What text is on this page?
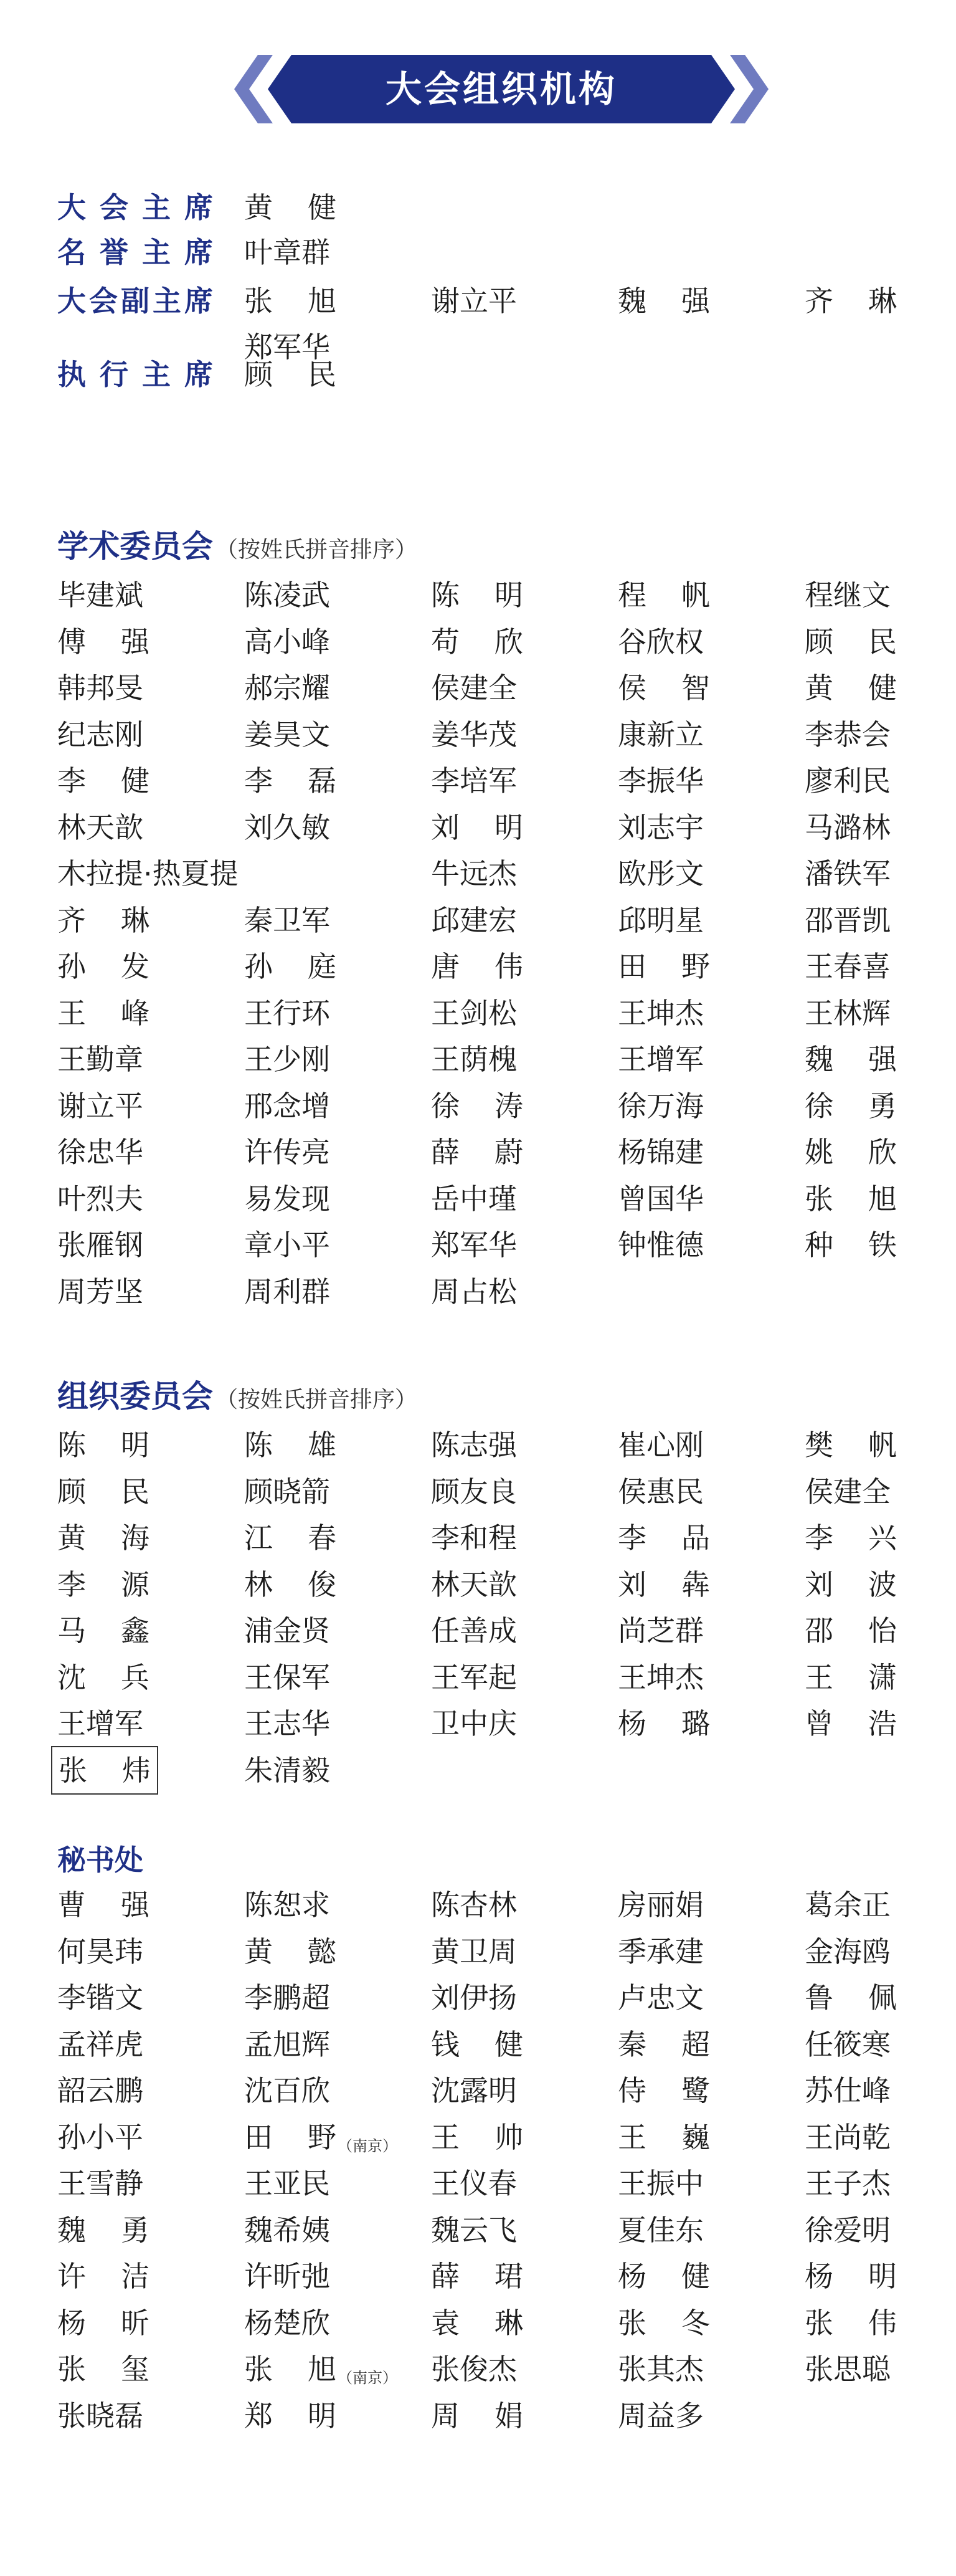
大会组织机构
大会主席 黄健
名誉主席 叶章群
大会副主席 张旭	谢立平	魏强	齐琳
郑军华
执行主席 顾民
学术委员会 （按姓氏拼音排序）
毕建斌	陈凌武	陈明	程帆	程继文
傅强	高小峰	苟欣	谷欣权	顾民
韩邦旻	郝宗耀	侯建全	侯智	黄健
纪志刚	姜昊文	姜华茂	康新立	李恭会
李健	李磊	李培军	李振华	廖利民
林天歆	刘久敏	刘明	刘志宇	马潞林
木拉提·热夏提	牛远杰	欧彤文	潘铁军
齐琳	秦卫军	邱建宏	邱明星	邵晋凯
孙发	孙庭	唐伟	田野	王春喜
王峰	王行环	王剑松	王坤杰	王林辉
王勤章	王少刚	王荫槐	王增军	魏强
谢立平	邢念增	徐涛	徐万海	徐勇
徐忠华	许传亮	薛蔚	杨锦建	姚欣
叶烈夫	易发现	岳中瑾	曾国华	张旭
张雁钢	章小平	郑军华	钟惟德	种铁
周芳坚	周利群	周占松
组织委员会 （按姓氏拼音排序）
陈明	陈雄	陈志强	崔心刚	樊帆
顾民	顾晓箭	顾友良	侯惠民	侯建全
黄海	江春	李和程	李品	李兴
李源	林俊	林天歆	刘犇	刘波
马鑫	浦金贤	任善成	尚芝群	邵怡
沈兵	王保军	王军起	王坤杰	王潇
王增军	王志华	卫中庆	杨璐	曾浩
张炜	朱清毅
秘书处
曹强	陈恕求	陈杏林	房丽娟	葛余正
何昊玮	黄懿	黄卫周	季承建	金海鸥
李锴文	李鹏超	刘伊扬	卢忠文	鲁佩
孟祥虎	孟旭辉	钱健	秦超	任筱寒
韶云鹏	沈百欣	沈露明	侍鹭	苏仕峰
孙小平	田野（南京） 王帅	王巍	王尚乾
王雪静	王亚民	王仪春	王振中	王子杰
魏勇	魏希姨	魏云飞	夏佳东	徐爱明
许洁	许昕弛	薛珺	杨健	杨明
杨昕	杨楚欣	袁琳	张冬	张伟
张玺	张旭（南京） 张俊杰	张其杰	张思聪
张晓磊	郑明	周娟	周益多
